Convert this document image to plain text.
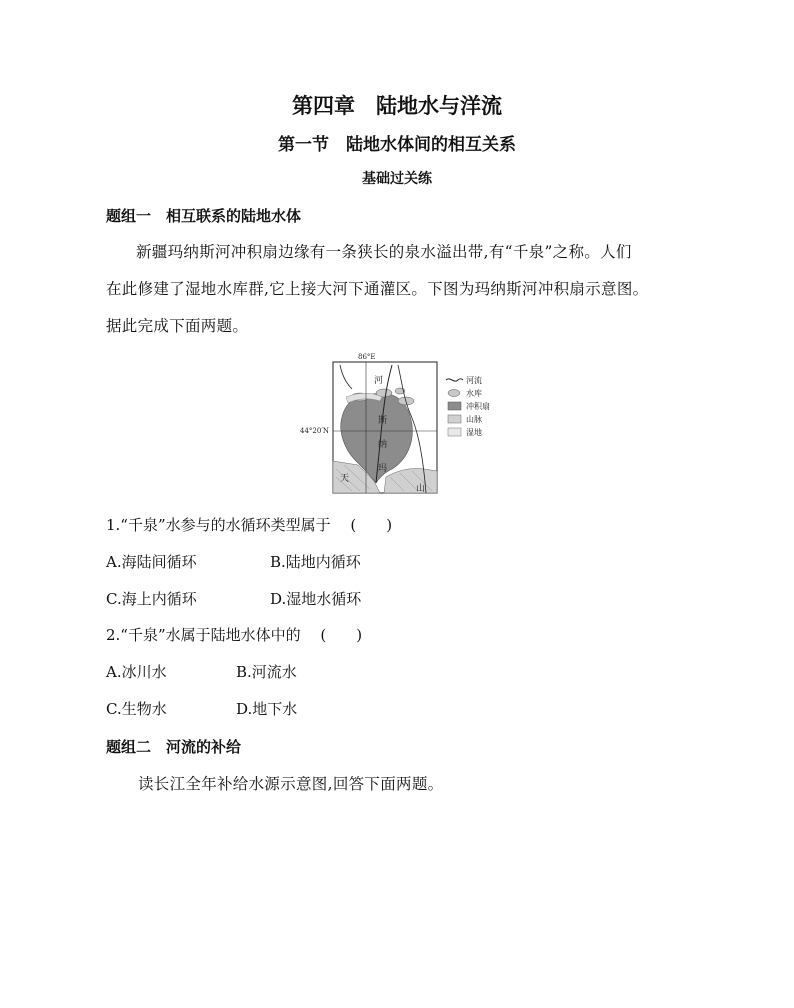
第四章　陆地水与洋流
第一节　陆地水体间的相互关系
基础过关练
题组一　相互联系的陆地水体
新疆玛纳斯河冲积扇边缘有一条狭长的泉水溢出带,有“千泉”之称。人们
在此修建了湿地水库群,它上接大河下通灌区。下图为玛纳斯河冲积扇示意图。
据此完成下面两题。
86°E
44°20′N
河
斯
纳
玛
天
山
河流
水库
冲积扇
山脉
湿地
1.“千泉”水参与的水循环类型属于　 (　　)
A.海陆间循环	B.陆地内循环
C.海上内循环	D.湿地水循环
2.“千泉”水属于陆地水体中的　 (　　)
A.冰川水	B.河流水
C.生物水	D.地下水
题组二　河流的补给
读长江全年补给水源示意图,回答下面两题。
